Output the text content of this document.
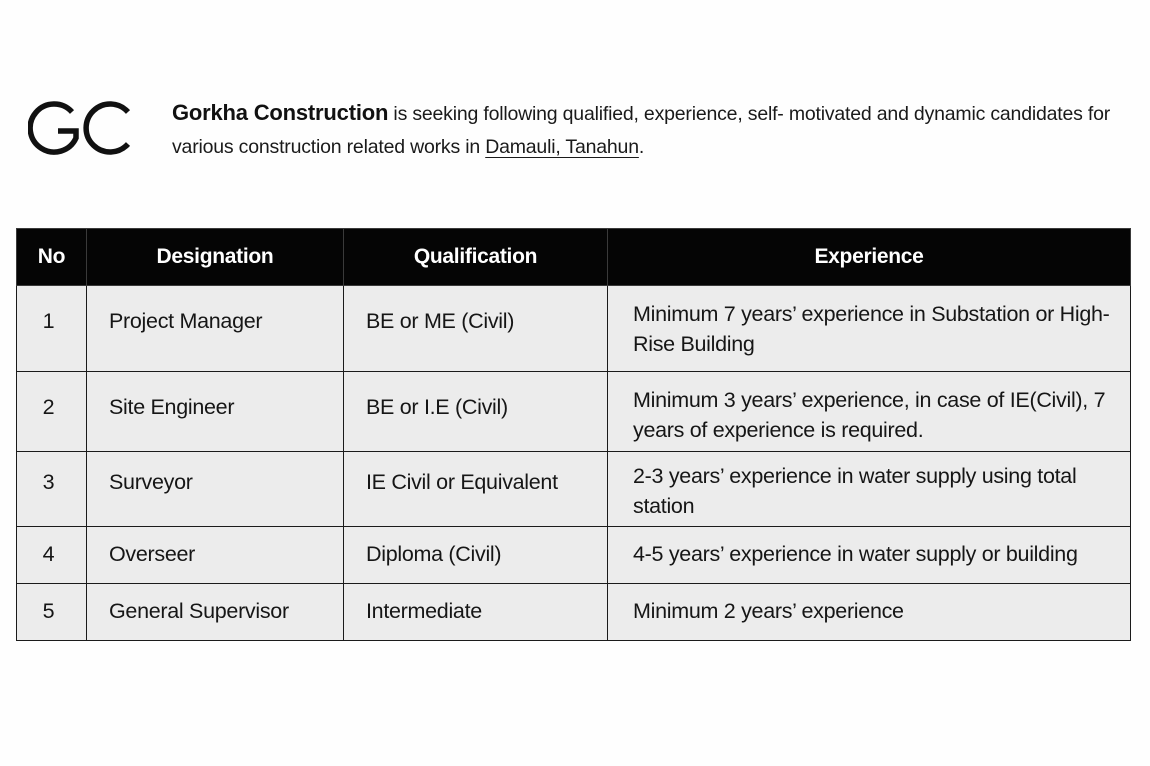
Gorkha Construction is seeking following qualified, experience, self- motivated and dynamic candidates for various construction related works in Damauli, Tanahun.

No	Designation	Qualification	Experience
1	Project Manager	BE or ME (Civil)	Minimum 7 years’ experience in Substation or High-Rise Building
2	Site Engineer	BE or I.E (Civil)	Minimum 3 years’ experience, in case of IE(Civil), 7 years of experience is required.
3	Surveyor	IE Civil or Equivalent	2-3 years’ experience in water supply using total station
4	Overseer	Diploma (Civil)	4-5 years’ experience in water supply or building
5	General Supervisor	Intermediate	Minimum 2 years’ experience
